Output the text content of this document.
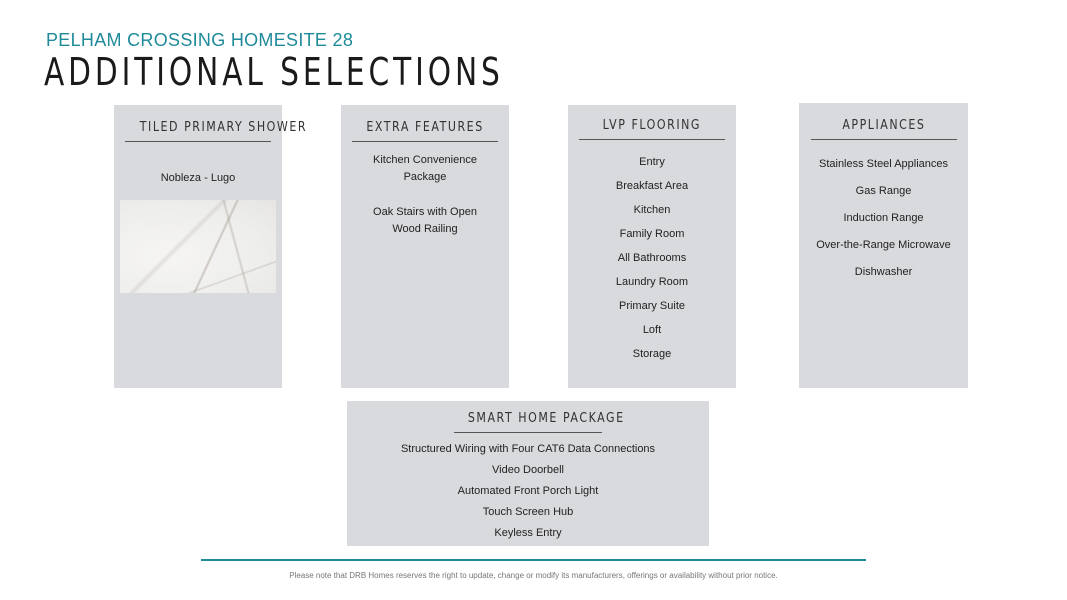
PELHAM CROSSING HOMESITE 28
ADDITIONAL SELECTIONS
TILED PRIMARY SHOWER
Nobleza - Lugo
EXTRA FEATURES
Kitchen Convenience Package
Oak Stairs with Open Wood Railing
LVP FLOORING
Entry
Breakfast Area
Kitchen
Family Room
All Bathrooms
Laundry Room
Primary Suite
Loft
Storage
APPLIANCES
Stainless Steel Appliances
Gas Range
Induction Range
Over-the-Range Microwave
Dishwasher
SMART HOME PACKAGE
Structured Wiring with Four CAT6 Data Connections
Video Doorbell
Automated Front Porch Light
Touch Screen Hub
Keyless Entry
Please note that DRB Homes reserves the right to update, change or modify its manufacturers, offerings or availability without prior notice.
